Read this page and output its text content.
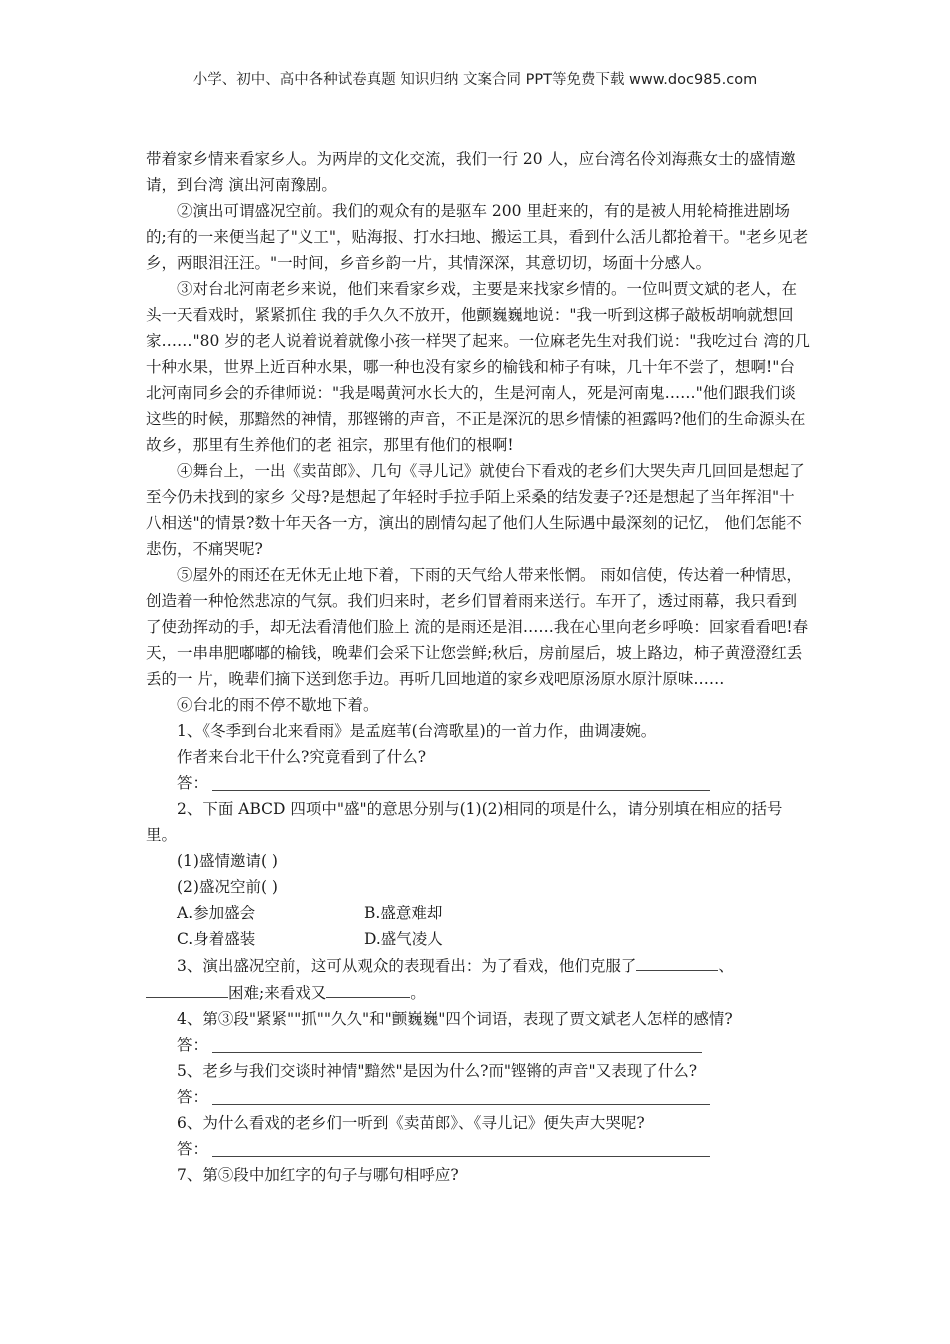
小学、初中、高中各种试卷真题 知识归纳 文案合同 PPT等免费下载 www.doc985.com

带着家乡情来看家乡人。为两岸的文化交流，我们一行 20 人，应台湾名伶刘海燕女士的盛情邀请，到台湾 演出河南豫剧。

②演出可谓盛况空前。我们的观众有的是驱车 200 里赶来的，有的是被人用轮椅推进剧场的;有的一来便当起了"义工"，贴海报、打水扫地、搬运工具，看到什么活儿都抢着干。"老乡见老乡，两眼泪汪汪。"一时间，乡音乡韵一片，其情深深，其意切切，场面十分感人。

③对台北河南老乡来说，他们来看家乡戏，主要是来找家乡情的。一位叫贾文斌的老人，在头一天看戏时，紧紧抓住 我的手久久不放开，他颤巍巍地说："我一听到这梆子敲板胡响就想回家……"80 岁的老人说着说着就像小孩一样哭了起来。一位麻老先生对我们说："我吃过台 湾的几十种水果，世界上近百种水果，哪一种也没有家乡的榆钱和柿子有味，几十年不尝了，想啊!"台北河南同乡会的乔律师说："我是喝黄河水长大的，生是河南人，死是河南鬼……"他们跟我们谈这些的时候，那黯然的神情，那铿锵的声音，不正是深沉的思乡情愫的袒露吗?他们的生命源头在故乡，那里有生养他们的老 祖宗，那里有他们的根啊!

④舞台上，一出《卖苗郎》、几句《寻儿记》就使台下看戏的老乡们大哭失声几回回是想起了至今仍未找到的家乡 父母?是想起了年轻时手拉手陌上采桑的结发妻子?还是想起了当年挥泪"十八相送"的情景?数十年天各一方，演出的剧情勾起了他们人生际遇中最深刻的记忆， 他们怎能不悲伤，不痛哭呢?

⑤屋外的雨还在无休无止地下着，下雨的天气给人带来怅惘。 雨如信使，传达着一种情思，创造着一种怆然悲凉的气氛。我们归来时，老乡们冒着雨来送行。车开了，透过雨幕，我只看到了使劲挥动的手，却无法看清他们脸上 流的是雨还是泪……我在心里向老乡呼唤：回家看看吧!春天，一串串肥嘟嘟的榆钱，晚辈们会采下让您尝鲜;秋后，房前屋后，坡上路边，柿子黄澄澄红丢丢的一 片，晚辈们摘下送到您手边。再听几回地道的家乡戏吧原汤原水原汁原味……

⑥台北的雨不停不歇地下着。

1、《冬季到台北来看雨》是孟庭苇(台湾歌星)的一首力作，曲调凄婉。

作者来台北干什么?究竟看到了什么?

答：

2、下面 ABCD 四项中"盛"的意思分别与(1)(2)相同的项是什么，请分别填在相应的括号里。

(1)盛情邀请( )

(2)盛况空前( )

A.参加盛会	B.盛意难却
C.身着盛装	D.盛气凌人

3、演出盛况空前，这可从观众的表现看出：为了看戏，他们克服了	、

困难;来看戏又	。

4、第③段"紧紧""抓""久久"和"颤巍巍"四个词语，表现了贾文斌老人怎样的感情?

答：

5、老乡与我们交谈时神情"黯然"是因为什么?而"铿锵的声音"又表现了什么?

答：

6、为什么看戏的老乡们一听到《卖苗郎》、《寻儿记》便失声大哭呢?

答：

7、第⑤段中加红字的句子与哪句相呼应?
